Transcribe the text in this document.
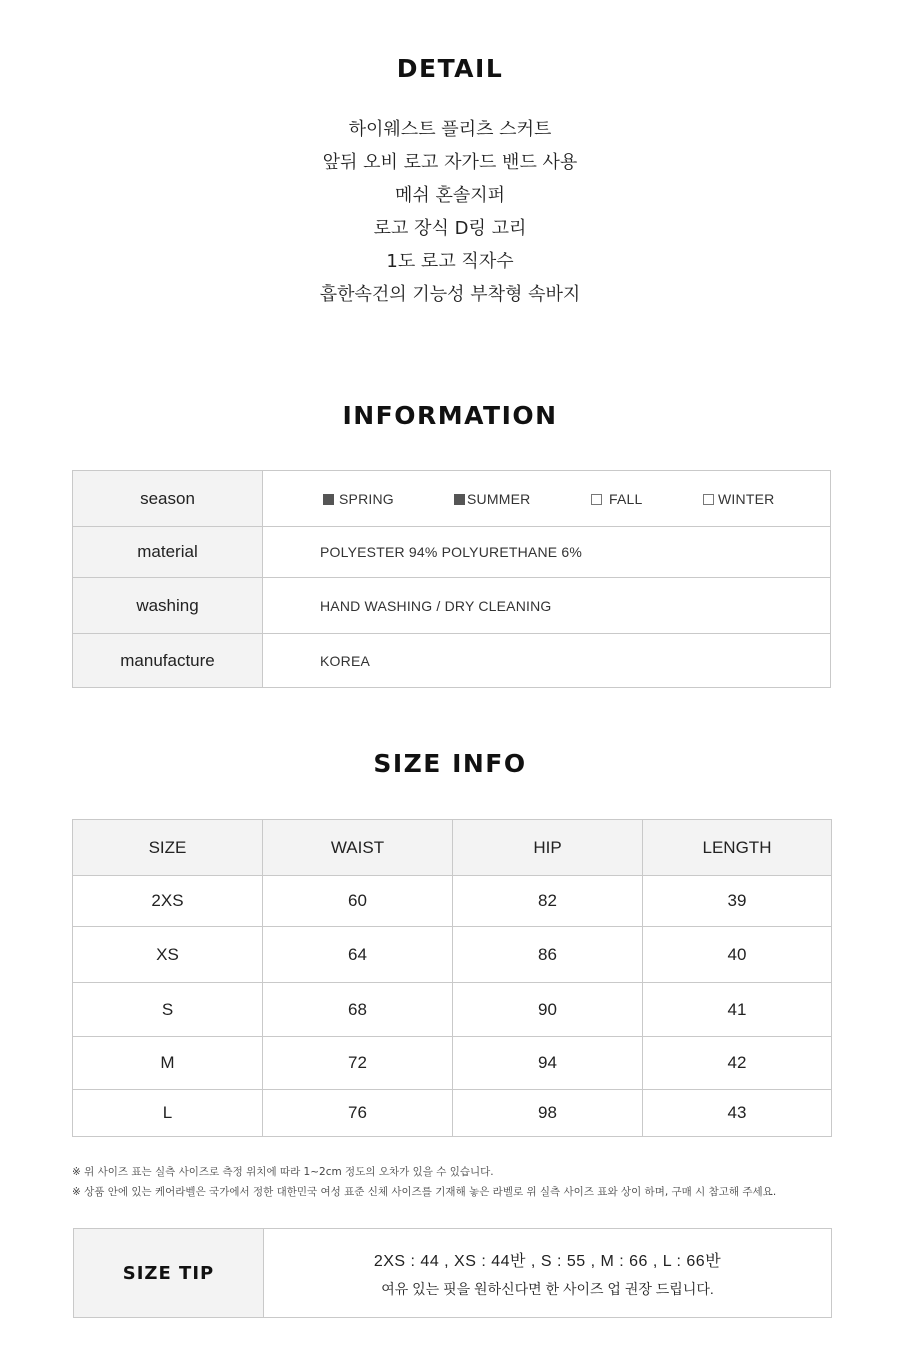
DETAIL
하이웨스트 플리츠 스커트
앞뒤 오비 로고 자가드 밴드 사용
메쉬 혼솔지퍼
로고 장식 D링 고리
1도 로고 직자수
흡한속건의 기능성 부착형 속바지
INFORMATION
season	SPRING SUMMER FALL WINTER

material	POLYESTER 94% POLYURETHANE 6%
washing	HAND WASHING / DRY CLEANING
manufacture	KOREA
SIZE INFO
SIZE	WAIST	HIP	LENGTH
2XS	60	82	39
XS	64	86	40
S	68	90	41
M	72	94	42
L	76	98	43

※ 위 사이즈 표는 실측 사이즈로 측정 위치에 따라 1~2cm 정도의 오차가 있을 수 있습니다.

※ 상품 안에 있는 케어라벨은 국가에서 정한 대한민국 여성 표준 신체 사이즈를 기재해 놓은 라벨로 위 실측 사이즈 표와 상이 하며, 구매 시 참고해 주세요.

SIZE TIP	
2XS : 44 , XS : 44반 , S : 55 , M : 66 , L : 66반
여유 있는 핏을 원하신다면 한 사이즈 업 권장 드립니다.
